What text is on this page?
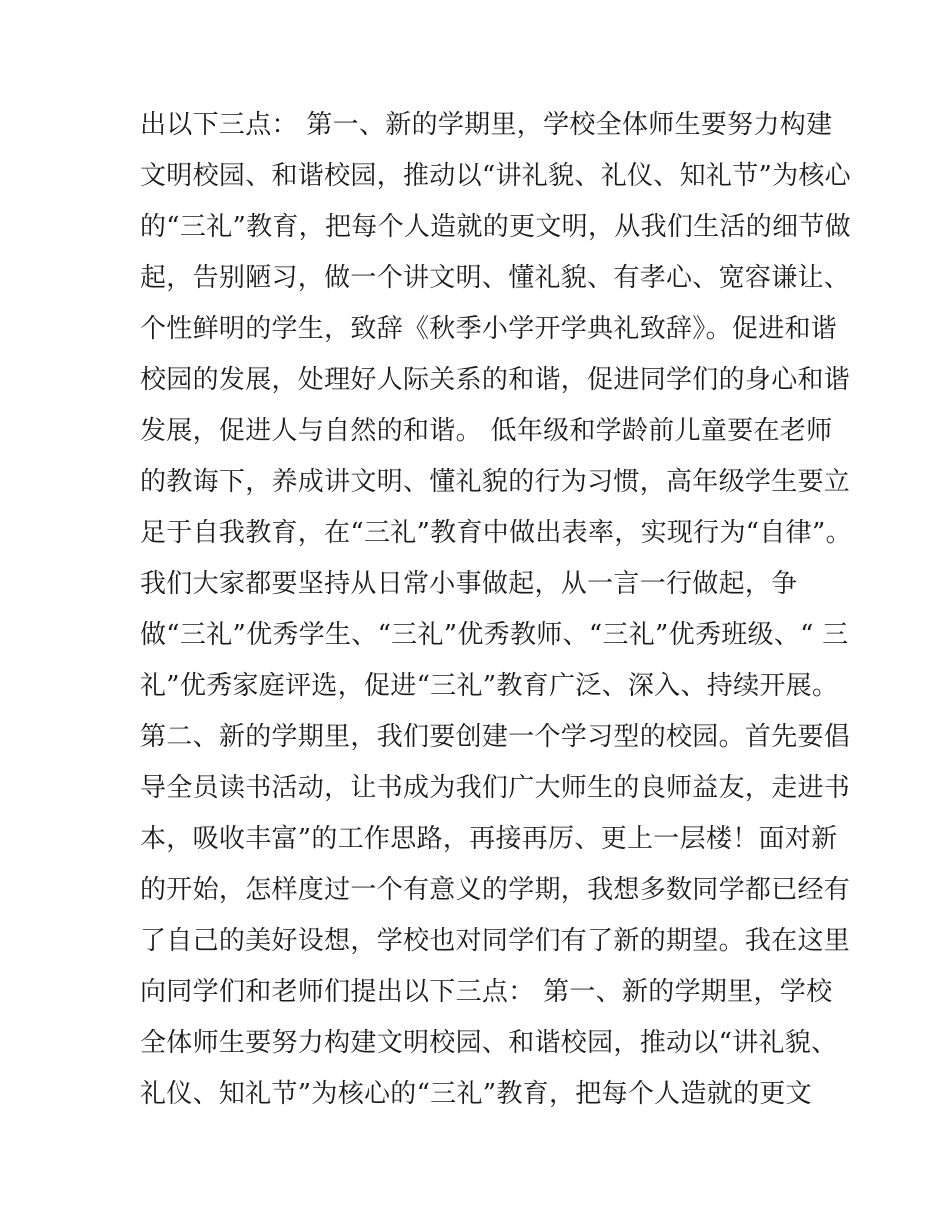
出以下三点： 第一、新的学期里，学校全体师生要努力构建
文明校园、和谐校园，推动以“讲礼貌、礼仪、知礼节”为核心
的“三礼”教育，把每个人造就的更文明，从我们生活的细节做
起，告别陋习，做一个讲文明、懂礼貌、有孝心、宽容谦让、
个性鲜明的学生，致辞《秋季小学开学典礼致辞》。促进和谐
校园的发展，处理好人际关系的和谐，促进同学们的身心和谐
发展，促进人与自然的和谐。 低年级和学龄前儿童要在老师
的教诲下，养成讲文明、懂礼貌的行为习惯，高年级学生要立
足于自我教育，在“三礼”教育中做出表率，实现行为“自律”。
我们大家都要坚持从日常小事做起，从一言一行做起，争
做“三礼”优秀学生、“三礼”优秀教师、“三礼”优秀班级、“ 三
礼”优秀家庭评选，促进“三礼”教育广泛、深入、持续开展。
第二、新的学期里，我们要创建一个学习型的校园。首先要倡
导全员读书活动，让书成为我们广大师生的良师益友，走进书
本，吸收丰富”的工作思路，再接再厉、更上一层楼！面对新
的开始，怎样度过一个有意义的学期，我想多数同学都已经有
了自己的美好设想，学校也对同学们有了新的期望。我在这里
向同学们和老师们提出以下三点： 第一、新的学期里，学校
全体师生要努力构建文明校园、和谐校园，推动以“讲礼貌、
礼仪、知礼节”为核心的“三礼”教育，把每个人造就的更文
